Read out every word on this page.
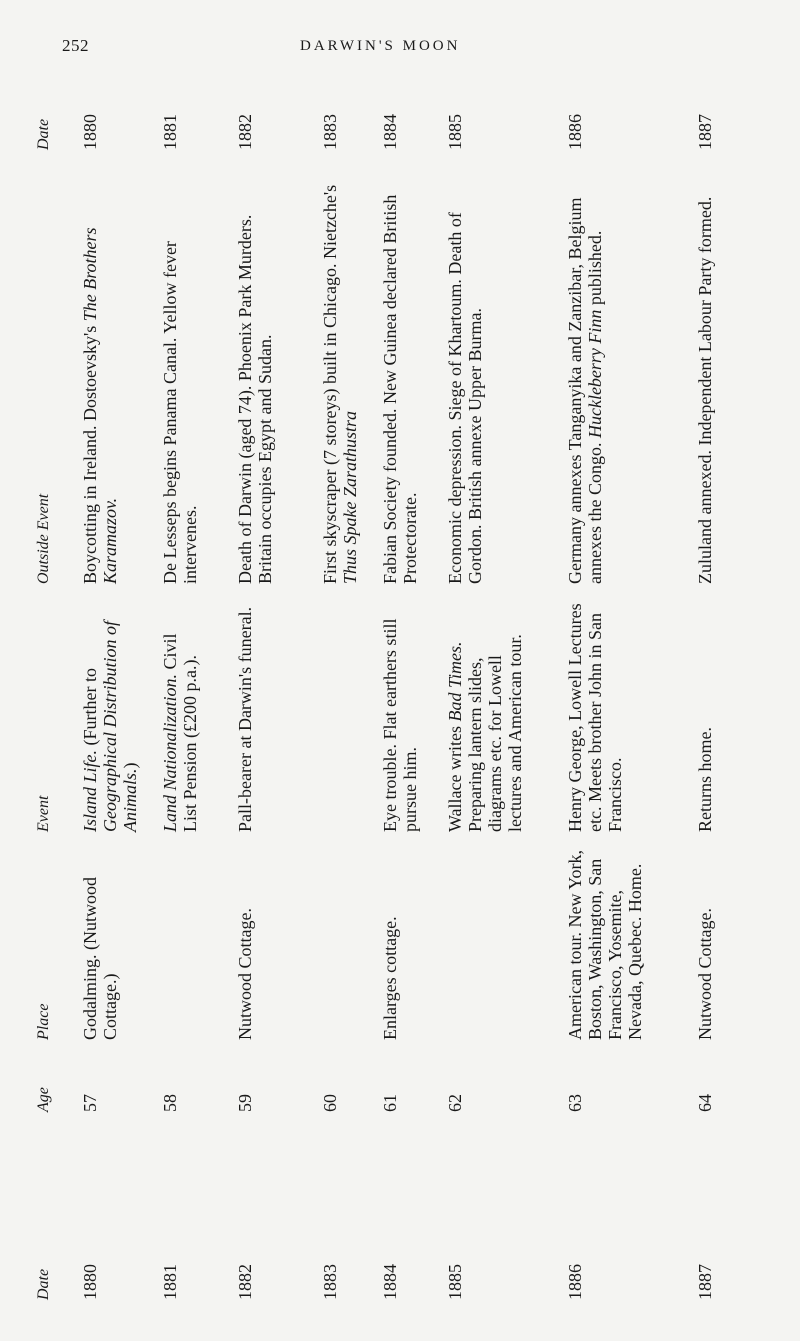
252	DARWIN'S MOON
Date
Age
Place
Event
Outside Event
Date
1880
57
Godalming. (Nutwood Cottage.)
Island Life. (Further to Geographical Distribution of Animals.)
Boycotting in Ireland. Dostoevsky's The Brothers Karamazov.
1880
1881
58
Land Nationalization. Civil List Pension (£200 p.a.).
De Lesseps begins Panama Canal. Yellow fever intervenes.
1881
1882
59
Nutwood Cottage.
Pall-bearer at Darwin's funeral.
Death of Darwin (aged 74). Phoenix Park Murders. Britain occupies Egypt and Sudan.
1882
1883
60
First skyscraper (7 storeys) built in Chicago. Nietzche's Thus Spake Zarathustra
1883
1884
61
Enlarges cottage.
Eye trouble. Flat earthers still pursue him.
Fabian Society founded. New Guinea declared British Protectorate.
1884
1885
62
Wallace writes Bad Times. Preparing lantern slides, diagrams etc. for Lowell lectures and American tour.
Economic depression. Siege of Khartoum. Death of Gordon. British annexe Upper Burma.
1885
1886
63
American tour. New York, Boston, Washington, San Francisco, Yosemite, Nevada, Quebec. Home.
Henry George, Lowell Lectures etc. Meets brother John in San Francisco.
Germany annexes Tanganyika and Zanzibar, Belgium annexes the Congo. Huckleberry Finn published.
1886
1887
64
Nutwood Cottage.
Returns home.
Zululand annexed. Independent Labour Party formed.
1887
